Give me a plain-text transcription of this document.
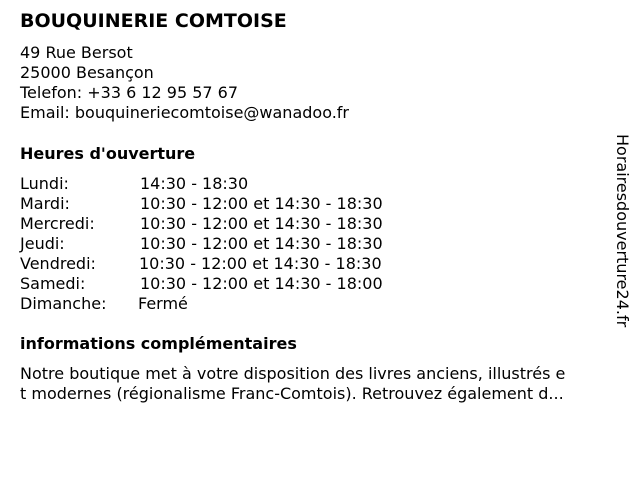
BOUQUINERIE COMTOISE
49 Rue Bersot
25000 Besançon
Telefon: +33 6 12 95 57 67
Email: bouquineriecomtoise@wanadoo.fr
Heures d'ouverture
Lundi:	14:30 - 18:30
Mardi:	10:30 - 12:00 et 14:30 - 18:30
Mercredi:	10:30 - 12:00 et 14:30 - 18:30
Jeudi:	10:30 - 12:00 et 14:30 - 18:30
Vendredi:	10:30 - 12:00 et 14:30 - 18:30
Samedi:	10:30 - 12:00 et 14:30 - 18:00
Dimanche: Fermé
informations complémentaires
Notre boutique met à votre disposition des livres anciens, illustrés e
t modernes (régionalisme Franc-Comtois). Retrouvez également d...
Horairesdouverture24.fr
